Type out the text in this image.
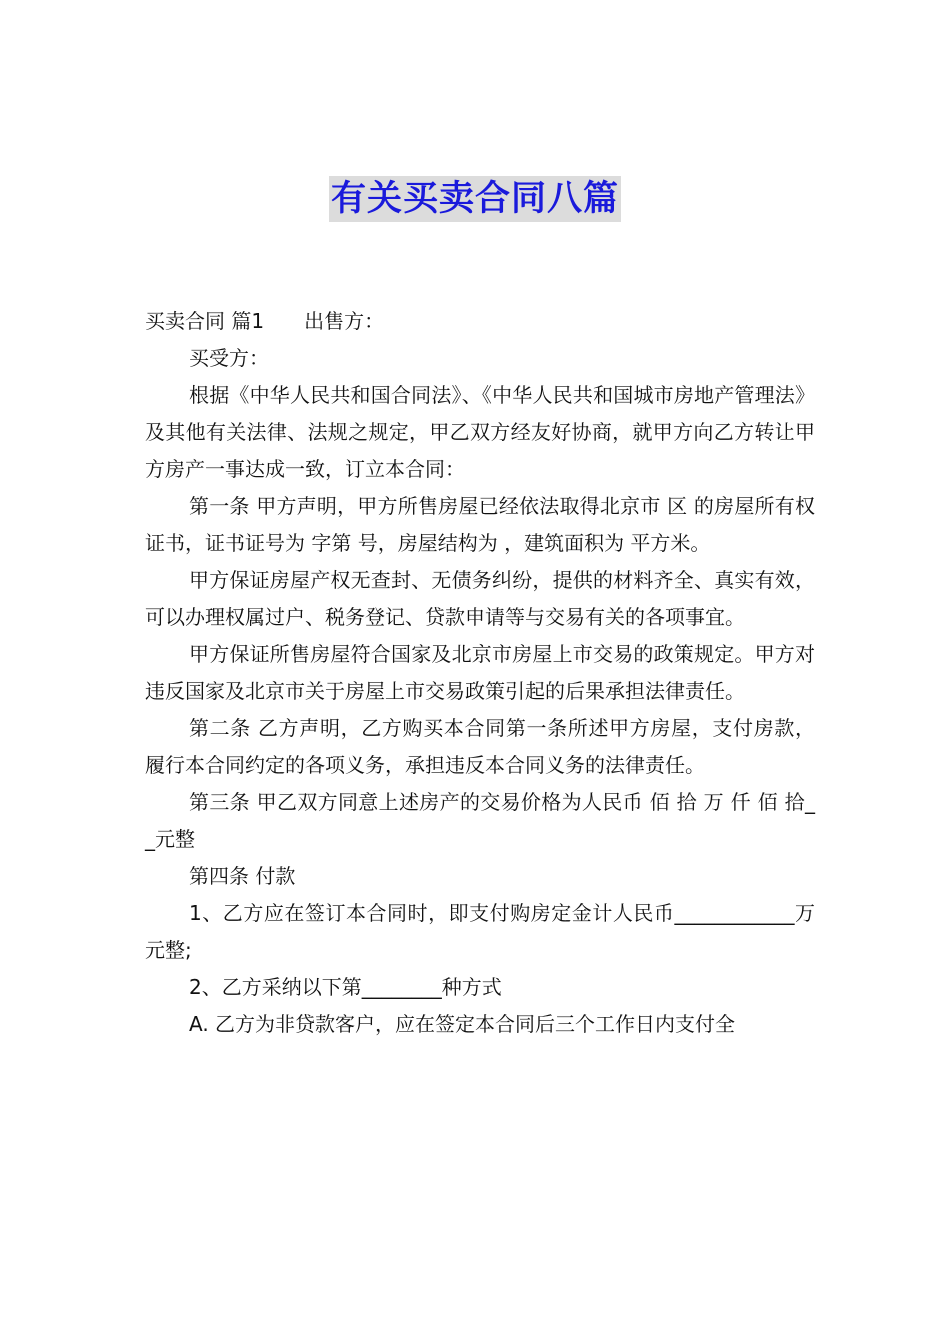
有关买卖合同八篇

买卖合同 篇1 出售方：

买受方：

根据《中华人民共和国合同法》、《中华人民共和国城市房地产管理法》及其他有关法律、法规之规定，甲乙双方经友好协商，就甲方向乙方转让甲方房产一事达成一致，订立本合同：

第一条 甲方声明，甲方所售房屋已经依法取得北京市 区 的房屋所有权证书，证书证号为 字第 号，房屋结构为 ，建筑面积为 平方米。

甲方保证房屋产权无查封、无债务纠纷，提供的材料齐全、真实有效，可以办理权属过户、税务登记、贷款申请等与交易有关的各项事宜。

甲方保证所售房屋符合国家及北京市房屋上市交易的政策规定。甲方对违反国家及北京市关于房屋上市交易政策引起的后果承担法律责任。

第二条 乙方声明，乙方购买本合同第一条所述甲方房屋，支付房款，履行本合同约定的各项义务，承担违反本合同义务的法律责任。

第三条 甲乙双方同意上述房产的交易价格为人民币 佰 拾 万 仟 佰 拾_ _元整

第四条 付款

1、乙方应在签订本合同时，即支付购房定金计人民币____________万元整;

2、乙方采纳以下第________种方式

A. 乙方为非贷款客户，应在签定本合同后三个工作日内支付全
